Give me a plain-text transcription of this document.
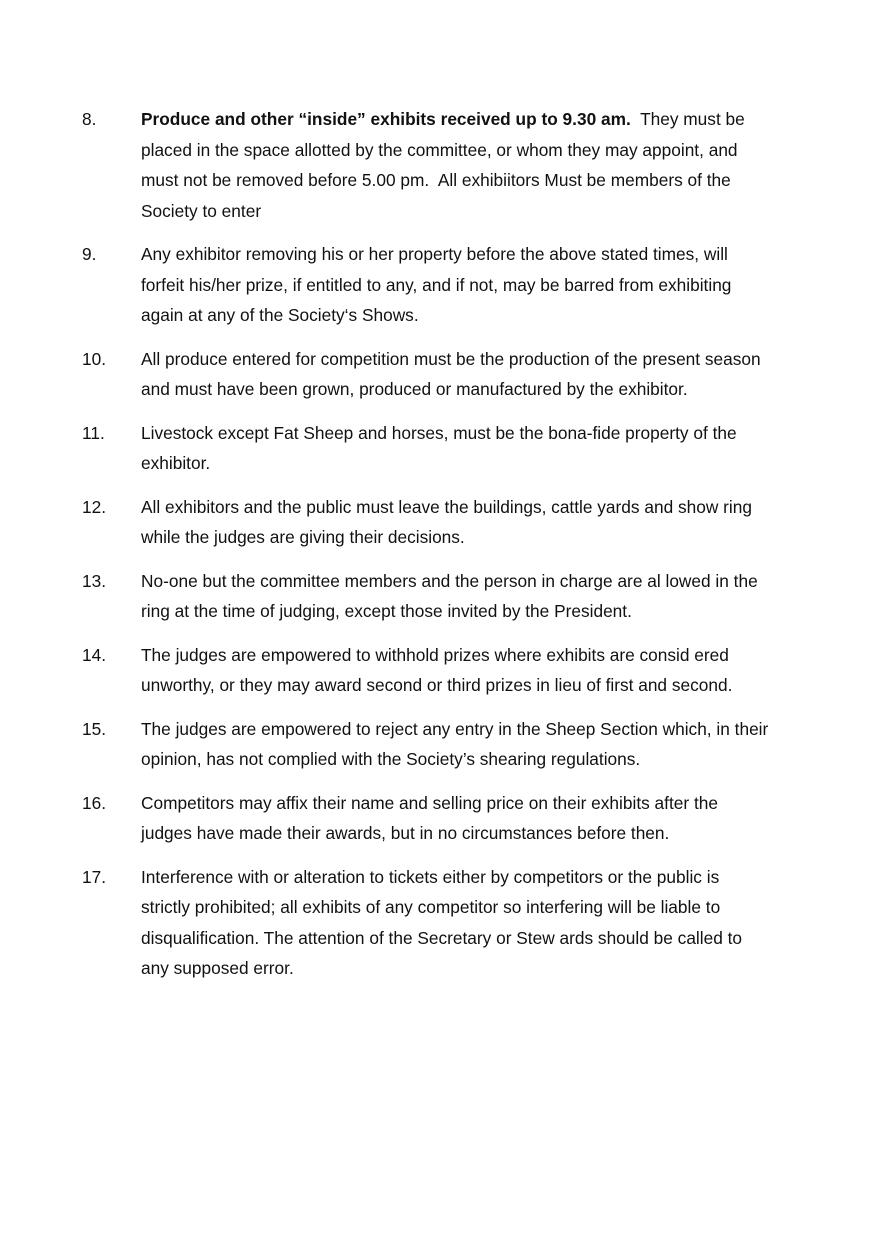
8.	Produce and other “inside” exhibits received up to 9.30 am.  They must be placed in the space allotted by the committee, or whom they may appoint, and must not be removed before 5.00 pm.  All exhibiitors Must be members of the Society to enter
9.	Any exhibitor removing his or her property before the above stated times, will forfeit his/her prize, if entitled to any, and if not, may be barred from exhibiting again at any of the Society‘s Shows.
10.	All produce entered for competition must be the production of the present season and must have been grown, produced or manufactured by the exhibitor.
11.	Livestock except Fat Sheep and horses, must be the bona-fide property of the exhibitor.
12.	All exhibitors and the public must leave the buildings, cattle yards and show ring while the judges are giving their decisions.
13.	No-one but the committee members and the person in charge are al lowed in the ring at the time of judging, except those invited by the President.
14.	The judges are empowered to withhold prizes where exhibits are consid ered unworthy, or they may award second or third prizes in lieu of first and second.
15.	The judges are empowered to reject any entry in the Sheep Section which, in their opinion, has not complied with the Society’s shearing regulations.
16.	Competitors may affix their name and selling price on their exhibits after the judges have made their awards, but in no circumstances before then.
17.	Interference with or alteration to tickets either by competitors or the public is strictly prohibited; all exhibits of any competitor so interfering will be liable to disqualification. The attention of the Secretary or Stew ards should be called to any supposed error.
